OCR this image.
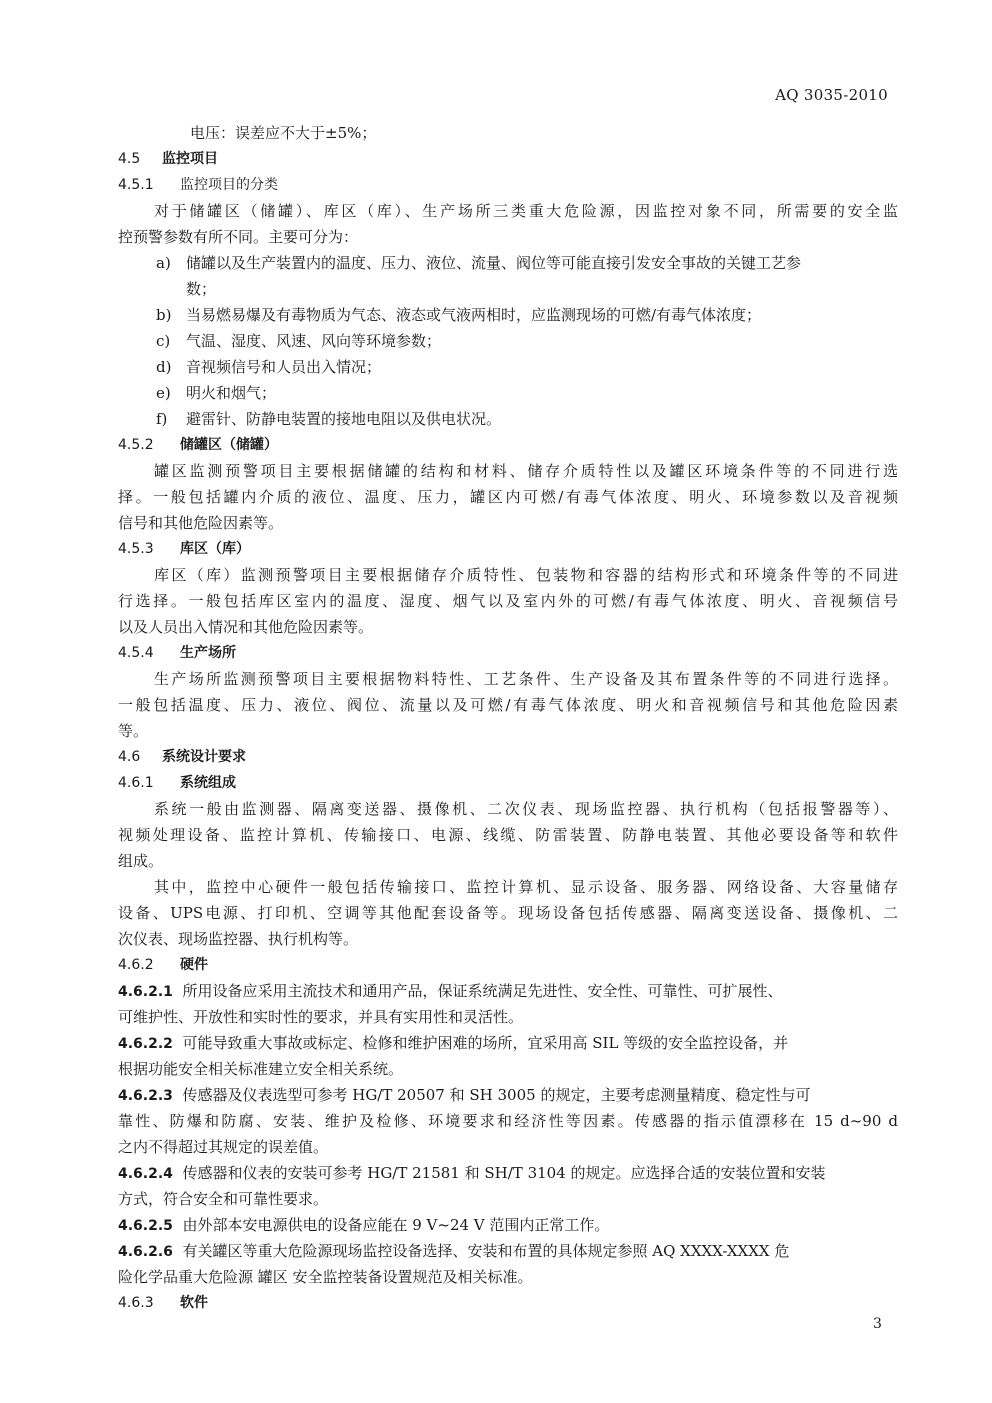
AQ 3035-2010
电压：误差应不大于±5%；
4.5 监控项目
4.5.1 监控项目的分类
对于储罐区（储罐）、库区（库）、生产场所三类重大危险源，因监控对象不同，所需要的安全监
控预警参数有所不同。主要可分为：
a)	储罐以及生产装置内的温度、压力、液位、流量、阀位等可能直接引发安全事故的关键工艺参
数；
b) 当易燃易爆及有毒物质为气态、液态或气液两相时，应监测现场的可燃/有毒气体浓度；
c)	气温、湿度、风速、风向等环境参数；
d) 音视频信号和人员出入情况；
e)	明火和烟气；
f)	避雷针、防静电装置的接地电阻以及供电状况。
4.5.2 储罐区（储罐）
罐区监测预警项目主要根据储罐的结构和材料、储存介质特性以及罐区环境条件等的不同进行选
择。一般包括罐内介质的液位、温度、压力，罐区内可燃/有毒气体浓度、明火、环境参数以及音视频
信号和其他危险因素等。
4.5.3 库区（库）
库区（库）监测预警项目主要根据储存介质特性、包装物和容器的结构形式和环境条件等的不同进
行选择。一般包括库区室内的温度、湿度、烟气以及室内外的可燃/有毒气体浓度、明火、音视频信号
以及人员出入情况和其他危险因素等。
4.5.4 生产场所
生产场所监测预警项目主要根据物料特性、工艺条件、生产设备及其布置条件等的不同进行选择。
一般包括温度、压力、液位、阀位、流量以及可燃/有毒气体浓度、明火和音视频信号和其他危险因素
等。
4.6 系统设计要求
4.6.1 系统组成
系统一般由监测器、隔离变送器、摄像机、二次仪表、现场监控器、执行机构（包括报警器等）、
视频处理设备、监控计算机、传输接口、电源、线缆、防雷装置、防静电装置、其他必要设备等和软件
组成。
其中，监控中心硬件一般包括传输接口、监控计算机、显示设备、服务器、网络设备、大容量储存
设备、UPS电源、打印机、空调等其他配套设备等。现场设备包括传感器、隔离变送设备、摄像机、二
次仪表、现场监控器、执行机构等。
4.6.2 硬件
4.6.2.1 所用设备应采用主流技术和通用产品，保证系统满足先进性、安全性、可靠性、可扩展性、
可维护性、开放性和实时性的要求，并具有实用性和灵活性。
4.6.2.2 可能导致重大事故或标定、检修和维护困难的场所，宜采用高 SIL 等级的安全监控设备，并
根据功能安全相关标准建立安全相关系统。
4.6.2.3 传感器及仪表选型可参考 HG/T 20507 和 SH 3005 的规定，主要考虑测量精度、稳定性与可
靠性、防爆和防腐、安装、维护及检修、环境要求和经济性等因素。传感器的指示值漂移在 15 d~90 d
之内不得超过其规定的误差值。
4.6.2.4 传感器和仪表的安装可参考 HG/T 21581 和 SH/T 3104 的规定。应选择合适的安装位置和安装
方式，符合安全和可靠性要求。
4.6.2.5 由外部本安电源供电的设备应能在 9 V~24 V 范围内正常工作。
4.6.2.6 有关罐区等重大危险源现场监控设备选择、安装和布置的具体规定参照 AQ XXXX-XXXX 危
险化学品重大危险源 罐区 安全监控装备设置规范及相关标准。
4.6.3 软件
3
